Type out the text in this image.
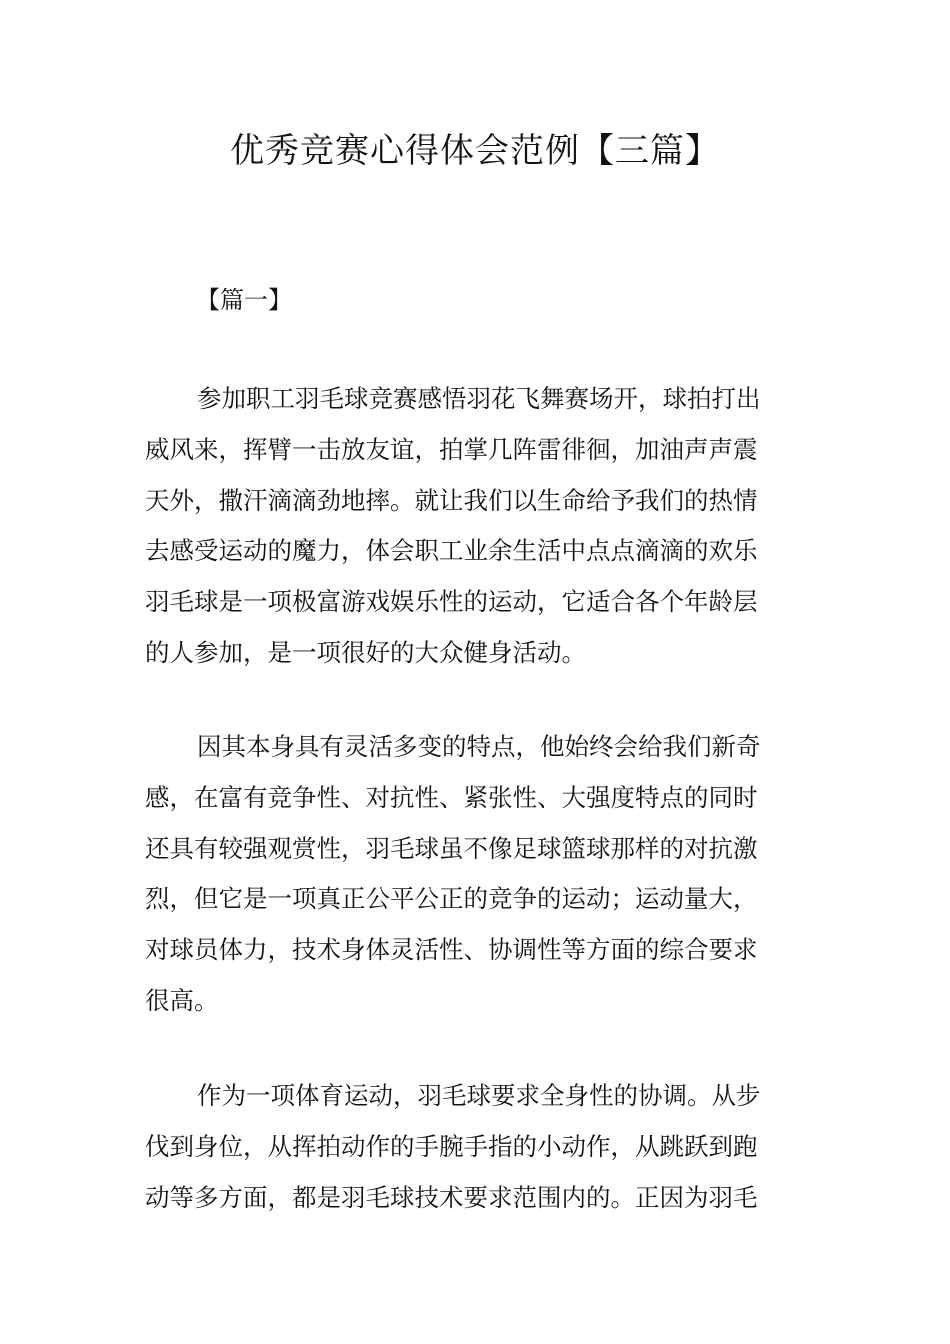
优秀竞赛心得体会范例【三篇】
【篇一】
参加职工羽毛球竞赛感悟羽花飞舞赛场开，球拍打出
威风来，挥臂一击放友谊，拍掌几阵雷徘徊，加油声声震
天外，撒汗滴滴劲地摔。就让我们以生命给予我们的热情
去感受运动的魔力，体会职工业余生活中点点滴滴的欢乐
羽毛球是一项极富游戏娱乐性的运动，它适合各个年龄层
的人参加，是一项很好的大众健身活动。
因其本身具有灵活多变的特点，他始终会给我们新奇
感，在富有竞争性、对抗性、紧张性、大强度特点的同时
还具有较强观赏性，羽毛球虽不像足球篮球那样的对抗激
烈，但它是一项真正公平公正的竞争的运动；运动量大，
对球员体力，技术身体灵活性、协调性等方面的综合要求
很高。
作为一项体育运动，羽毛球要求全身性的协调。从步
伐到身位，从挥拍动作的手腕手指的小动作，从跳跃到跑
动等多方面，都是羽毛球技术要求范围内的。正因为羽毛
